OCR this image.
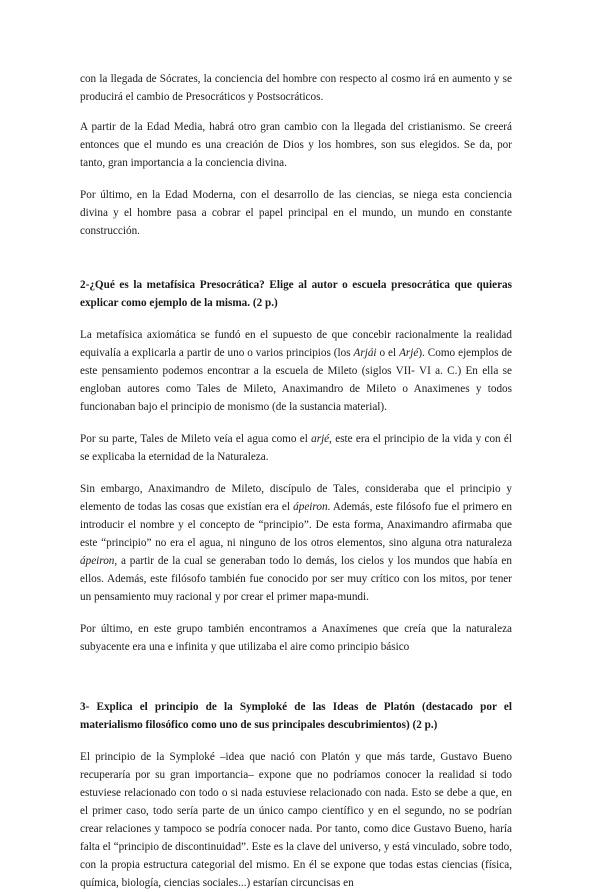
con la llegada de Sócrates, la conciencia del hombre con respecto al cosmo irá en aumento y se producirá el cambio de Presocráticos y Postsocráticos.

A partir de la Edad Media, habrá otro gran cambio con la llegada del cristianismo. Se creerá entonces que el mundo es una creación de Dios y los hombres, son sus elegidos. Se da, por tanto, gran importancia a la conciencia divina.

Por último, en la Edad Moderna, con el desarrollo de las ciencias, se niega esta conciencia divina y el hombre pasa a cobrar el papel principal en el mundo, un mundo en constante construcción.

2-¿Qué es la metafísica Presocrática? Elige al autor o escuela presocrática que quieras explicar como ejemplo de la misma. (2 p.)

La metafísica axiomática se fundó en el supuesto de que concebir racionalmente la realidad equivalía a explicarla a partir de uno o varios principios (los Arjái o el Arjé). Como ejemplos de este pensamiento podemos encontrar a la escuela de Mileto (siglos VII- VI a. C.) En ella se engloban autores como Tales de Mileto, Anaximandro de Mileto o Anaximenes y todos funcionaban bajo el principio de monismo (de la sustancia material).

Por su parte, Tales de Mileto veía el agua como el arjé, este era el principio de la vida y con él se explicaba la eternidad de la Naturaleza.

Sin embargo, Anaximandro de Mileto, discípulo de Tales, consideraba que el principio y elemento de todas las cosas que existían era el ápeiron. Además, este filósofo fue el primero en introducir el nombre y el concepto de “principio”. De esta forma, Anaximandro afirmaba que este “principio” no era el agua, ni ninguno de los otros elementos, sino alguna otra naturaleza ápeiron, a partir de la cual se generaban todo lo demás, los cielos y los mundos que había en ellos. Además, este filósofo también fue conocido por ser muy crítico con los mitos, por tener un pensamiento muy racional y por crear el primer mapa-mundi.

Por último, en este grupo también encontramos a Anaxímenes que creía que la naturaleza subyacente era una e infinita y que utilizaba el aire como principio básico

3- Explica el principio de la Symploké de las Ideas de Platón (destacado por el materialismo filosófico como uno de sus principales descubrimientos) (2 p.)

El principio de la Symploké –idea que nació con Platón y que más tarde, Gustavo Bueno recuperaría por su gran importancia– expone que no podríamos conocer la realidad si todo estuviese relacionado con todo o si nada estuviese relacionado con nada. Esto se debe a que, en el primer caso, todo sería parte de un único campo científico y en el segundo, no se podrían crear relaciones y tampoco se podría conocer nada. Por tanto, como dice Gustavo Bueno, haría falta el “principio de discontinuidad”. Este es la clave del universo, y está vinculado, sobre todo, con la propia estructura categorial del mismo. En él se expone que todas estas ciencias (física, química, biología, ciencias sociales...) estarían circuncisas en
